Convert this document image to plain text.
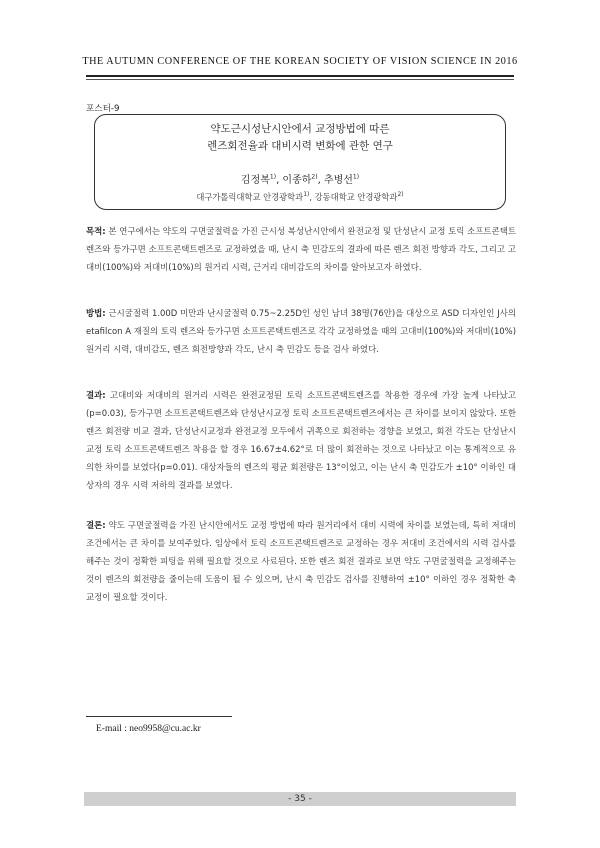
THE AUTUMN CONFERENCE OF THE KOREAN SOCIETY OF VISION SCIENCE IN 2016
포스터-9
약도근시성난시안에서 교정방법에 따른
렌즈회전율과 대비시력 변화에 관한 연구
김정복$^{1)}$, 이종하$^{2)}$, 추병선$^{1)}$
대구가톨릭대학교 안경광학과$^{1)}$, 강동대학교 안경광학과$^{2)}$
목적: 본 연구에서는 약도의 구면굴절력을 가진 근시성 복성난시안에서 완전교정 및 단성난시 교정 토릭 소프트콘택트렌즈와 등가구면 소프트콘택트렌즈로 교정하였을 때, 난시 축 민감도의 결과에 따른 렌즈 회전 방향과 각도, 그리고 고대비(100%)와 저대비(10%)의 원거리 시력, 근거리 대비감도의 차이를 알아보고자 하였다.
방법: 근시굴절력 1.00D 미만과 난시굴절력 0.75~2.25D인 성인 남녀 38명(76안)을 대상으로 ASD 디자인인 J사의 etafilcon A 재질의 토릭 렌즈와 등가구면 소프트콘택트렌즈로 각각 교정하였을 때의 고대비(100%)와 저대비(10%) 원거리 시력, 대비감도, 렌즈 회전방향과 각도, 난시 축 민감도 등을 검사 하였다.
결과: 고대비와 저대비의 원거리 시력은 완전교정된 토릭 소프트콘택트렌즈를 착용한 경우에 가장 높게 나타났고(p=0.03), 등가구면 소프트콘택트렌즈와 단성난시교정 토릭 소프트콘택트렌즈에서는 큰 차이를 보이지 않았다. 또한 렌즈 회전량 비교 결과, 단성난시교정과 완전교정 모두에서 귀쪽으로 회전하는 경향을 보였고, 회전 각도는 단성난시교정 토릭 소프트콘택트렌즈 착용을 할 경우 16.67±4.62°로 더 많이 회전하는 것으로 나타났고 이는 통계적으로 유의한 차이를 보였다(p=0.01). 대상자들의 렌즈의 평균 회전량은 13°이었고, 이는 난시 축 민감도가 ±10° 이하인 대상자의 경우 시력 저하의 결과를 보였다.
결론: 약도 구면굴절력을 가진 난시안에서도 교정 방법에 따라 원거리에서 대비 시력에 차이를 보였는데, 특히 저대비 조건에서는 큰 차이를 보여주었다. 임상에서 토릭 소프트콘택트렌즈로 교정하는 경우 저대비 조건에서의 시력 검사를 해주는 것이 정확한 피팅을 위해 필요할 것으로 사료된다. 또한 렌즈 회전 결과로 보면 약도 구면굴절력을 교정해주는 것이 렌즈의 회전량을 줄이는데 도움이 될 수 있으며, 난시 축 민감도 검사를 진행하여 ±10° 이하인 경우 정확한 축 교정이 필요할 것이다.
E-mail : neo9958@cu.ac.kr
- 35 -
